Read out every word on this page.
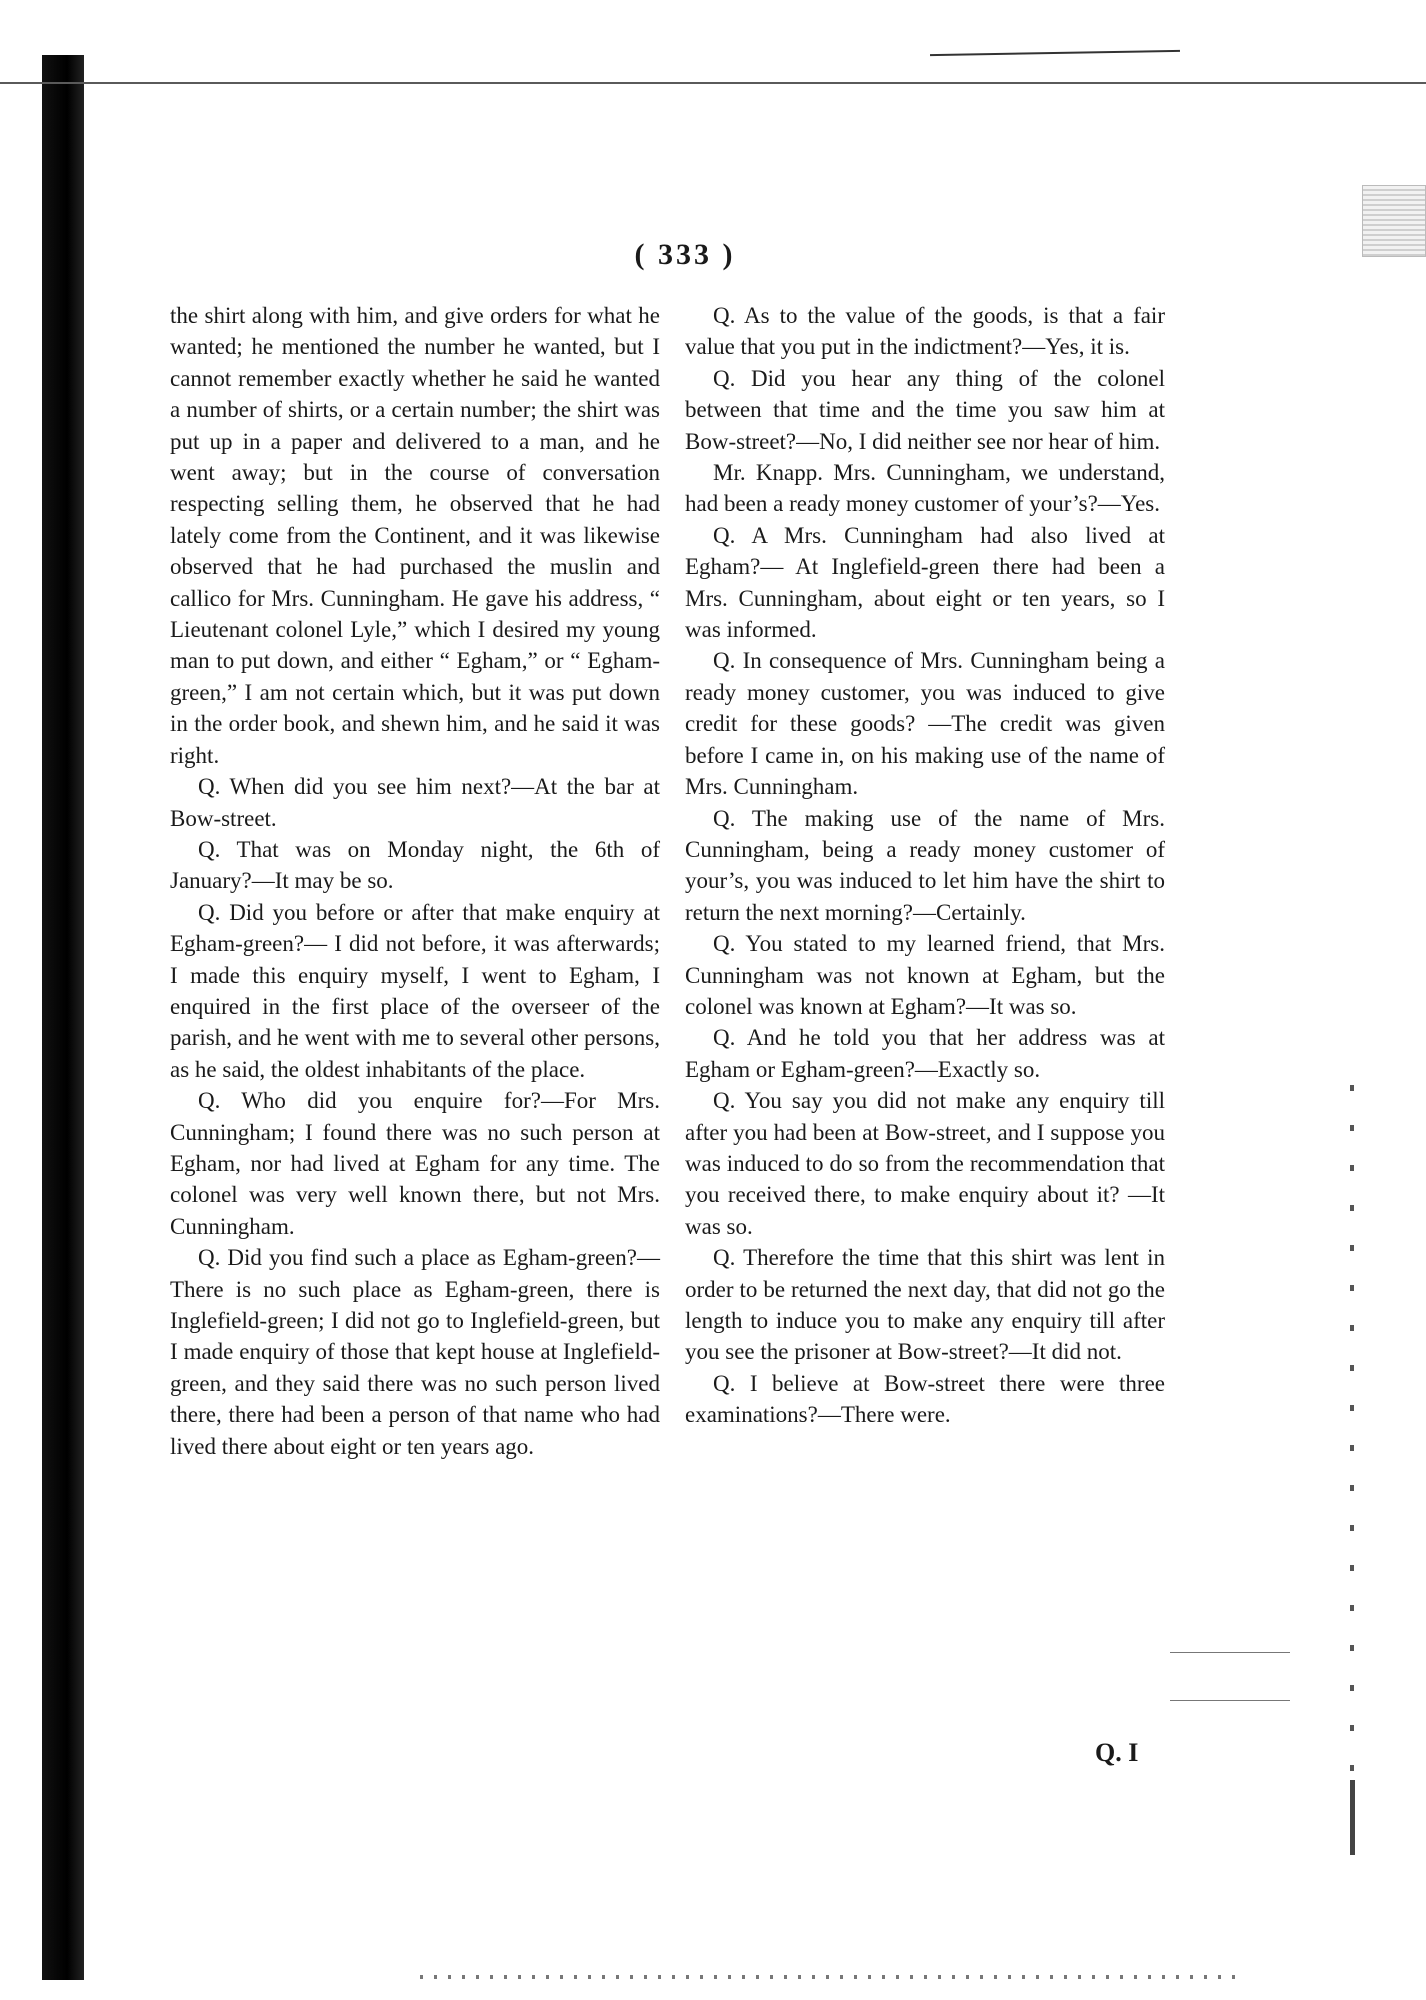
( 333 )

the shirt along with him, and give orders for what he wanted; he mentioned the number he wanted, but I cannot remember exactly whether he said he wanted a number of shirts, or a certain number; the shirt was put up in a paper and delivered to a man, and he went away; but in the course of conversation respecting selling them, he observed that he had lately come from the Continent, and it was likewise observed that he had purchased the muslin and callico for Mrs. Cunningham. He gave his address, “ Lieutenant colonel Lyle,” which I desired my young man to put down, and either “ Egham,” or “ Egham-green,” I am not certain which, but it was put down in the order book, and shewn him, and he said it was right.

Q. When did you see him next?—At the bar at Bow-street.

Q. That was on Monday night, the 6th of January?—It may be so.

Q. Did you before or after that make enquiry at Egham-green?— I did not before, it was afterwards; I made this enquiry myself, I went to Egham, I enquired in the first place of the overseer of the parish, and he went with me to several other persons, as he said, the oldest inhabitants of the place.

Q. Who did you enquire for?—For Mrs. Cunningham; I found there was no such person at Egham, nor had lived at Egham for any time. The colonel was very well known there, but not Mrs. Cunningham.

Q. Did you find such a place as Egham-green?—There is no such place as Egham-green, there is Inglefield-green; I did not go to Inglefield-green, but I made enquiry of those that kept house at Inglefield-green, and they said there was no such person lived there, there had been a person of that name who had lived there about eight or ten years ago.

Q. As to the value of the goods, is that a fair value that you put in the indictment?—Yes, it is.

Q. Did you hear any thing of the colonel between that time and the time you saw him at Bow-street?—No, I did neither see nor hear of him.

Mr. Knapp. Mrs. Cunningham, we understand, had been a ready money customer of your’s?—Yes.

Q. A Mrs. Cunningham had also lived at Egham?— At Inglefield-green there had been a Mrs. Cunningham, about eight or ten years, so I was informed.

Q. In consequence of Mrs. Cunningham being a ready money customer, you was induced to give credit for these goods? —The credit was given before I came in, on his making use of the name of Mrs. Cunningham.

Q. The making use of the name of Mrs. Cunningham, being a ready money customer of your’s, you was induced to let him have the shirt to return the next morning?—Certainly.

Q. You stated to my learned friend, that Mrs. Cunningham was not known at Egham, but the colonel was known at Egham?—It was so.

Q. And he told you that her address was at Egham or Egham-green?—Exactly so.

Q. You say you did not make any enquiry till after you had been at Bow-street, and I suppose you was induced to do so from the recommendation that you received there, to make enquiry about it? —It was so.

Q. Therefore the time that this shirt was lent in order to be returned the next day, that did not go the length to induce you to make any enquiry till after you see the prisoner at Bow-street?—It did not.

Q. I believe at Bow-street there were three examinations?—There were.

Q. I
